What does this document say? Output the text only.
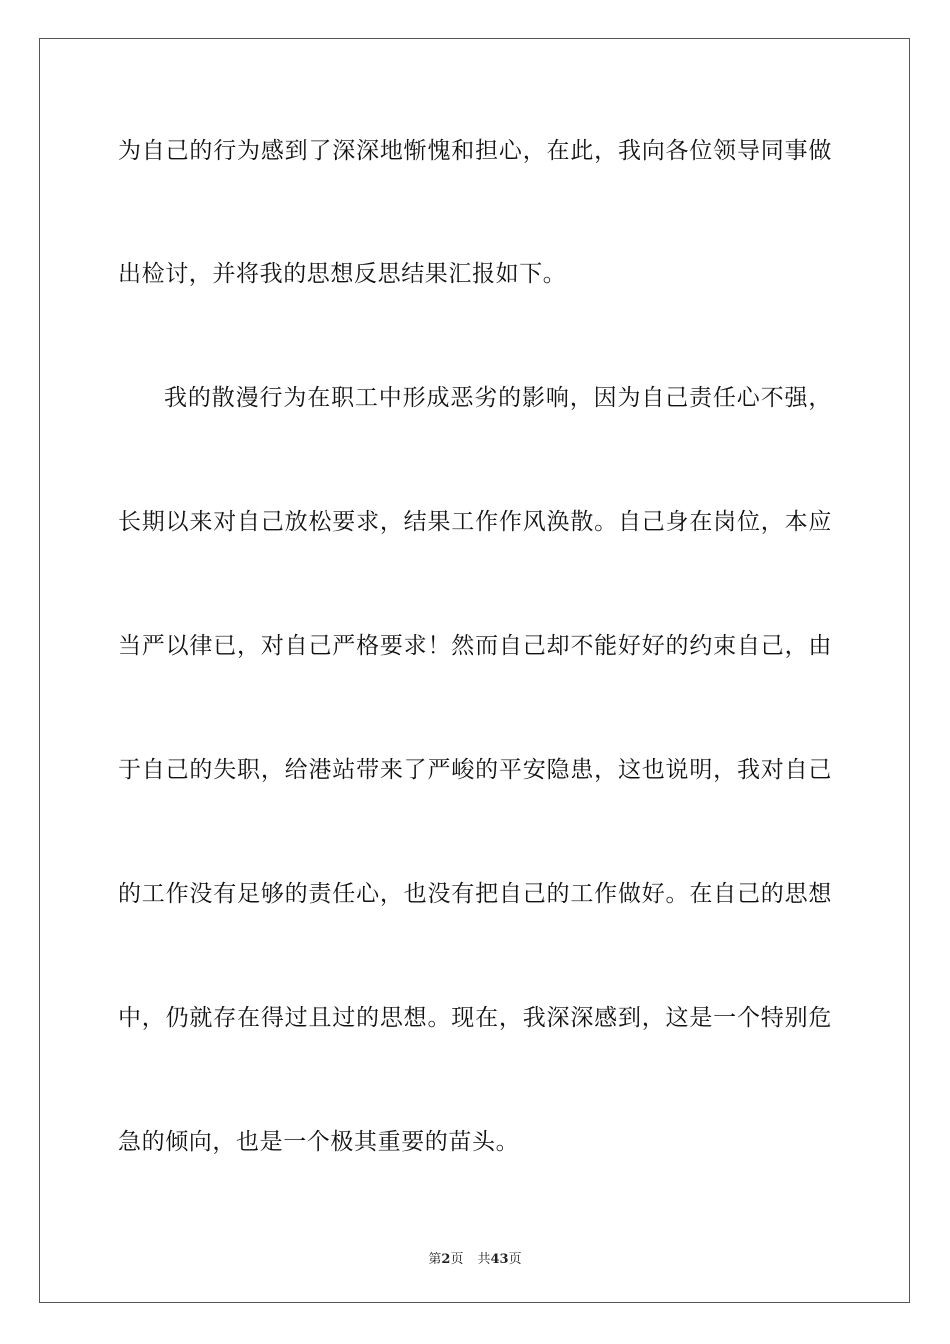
为自己的行为感到了深深地惭愧和担心，在此，我向各位领导同事做
出检讨，并将我的思想反思结果汇报如下。
我的散漫行为在职工中形成恶劣的影响，因为自己责任心不强，
长期以来对自己放松要求，结果工作作风涣散。自己身在岗位，本应
当严以律已，对自己严格要求！然而自己却不能好好的约束自己，由
于自己的失职，给港站带来了严峻的平安隐患，这也说明，我对自己
的工作没有足够的责任心，也没有把自己的工作做好。在自己的思想
中，仍就存在得过且过的思想。现在，我深深感到，这是一个特别危
急的倾向，也是一个极其重要的苗头。
第2页 共43页
